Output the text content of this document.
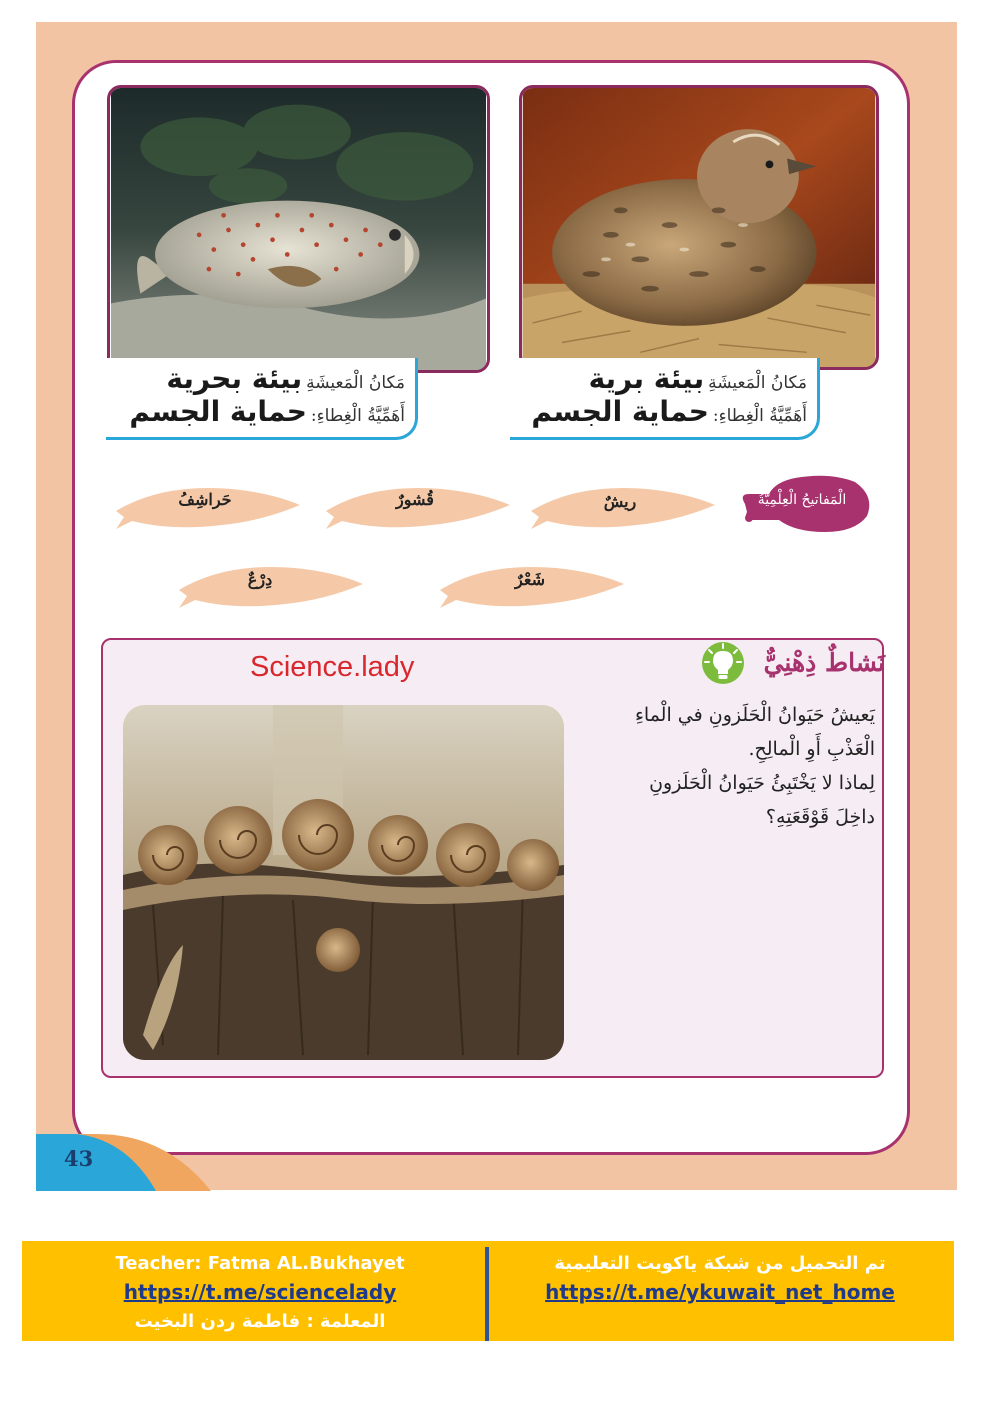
مَكانُ الْمَعيشَةِ
بيئة برية
أَهَمِّيَّةُ الْغِطاءِ:
حماية الجسم
مَكانُ الْمَعيشَةِ
بيئة بحرية
أَهَمِّيَّةُ الْغِطاءِ:
حماية الجسم
الْمَفاتيحُ الْعِلْمِيَّةُ
ريشٌ
قُشورٌ
حَراشِفُ
شَعْرٌ
دِرْعٌ
نَشاطٌ ذِهْنِيٌّ
Science.lady
يَعيشُ حَيَوانُ الْحَلَزونِ في الْماءِ
الْعَذْبِ أَوِ الْمالِحِ.
لِماذا لا يَخْتَبِئُ حَيَوانُ الْحَلَزونِ
داخِلَ قَوْقَعَتِهِ؟
43
Teacher: Fatma AL.Bukhayet
https://t.me/sciencelady
المعلمة : فاطمة ردن البخيت
تم التحميل من شبكة ياكويت التعليمية
https://t.me/ykuwait_net_home
